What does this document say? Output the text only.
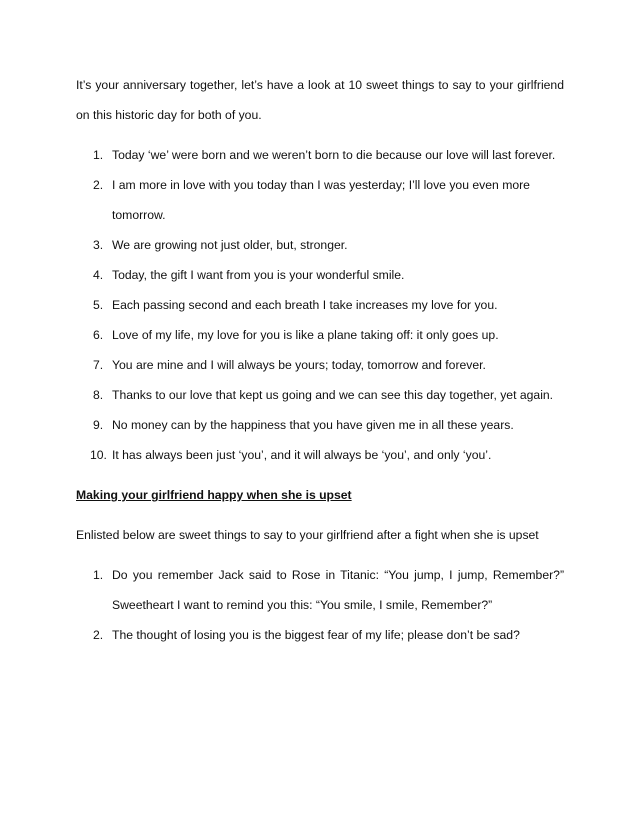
It’s your anniversary together, let’s have a look at 10 sweet things to say to your girlfriend on this historic day for both of you.

1. Today ‘we’ were born and we weren’t born to die because our love will last forever.
2. I am more in love with you today than I was yesterday; I’ll love you even more tomorrow.
3. We are growing not just older, but, stronger.
4. Today, the gift I want from you is your wonderful smile.
5. Each passing second and each breath I take increases my love for you.
6. Love of my life, my love for you is like a plane taking off: it only goes up.
7. You are mine and I will always be yours; today, tomorrow and forever.
8. Thanks to our love that kept us going and we can see this day together, yet again.
9. No money can by the happiness that you have given me in all these years.
10. It has always been just ‘you’, and it will always be ‘you’, and only ‘you’.

Making your girlfriend happy when she is upset

Enlisted below are sweet things to say to your girlfriend after a fight when she is upset

1. Do you remember Jack said to Rose in Titanic: “You jump, I jump, Remember?” Sweetheart I want to remind you this: “You smile, I smile, Remember?”
2. The thought of losing you is the biggest fear of my life; please don’t be sad?
